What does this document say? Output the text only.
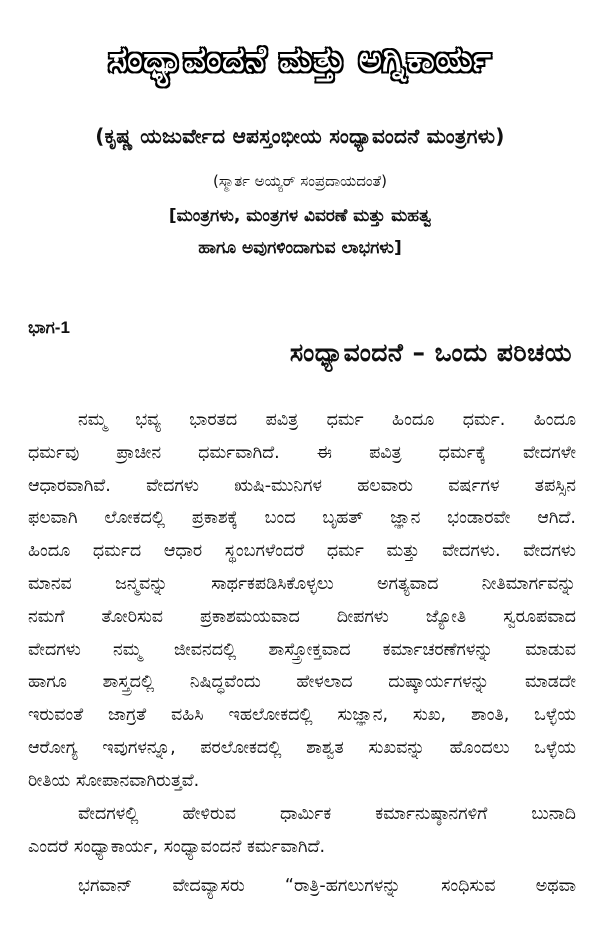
ಸಂಧ್ಯಾವಂದನೆ ಮತ್ತು ಅಗ್ನಿಕಾರ್ಯ
(ಕೃಷ್ಣ ಯಜುರ್ವೇದ ಆಪಸ್ತಂಭೀಯ ಸಂಧ್ಯಾವಂದನೆ ಮಂತ್ರಗಳು)
(ಸ್ಮಾರ್ತ ಅಯ್ಯರ್ ಸಂಪ್ರದಾಯದಂತೆ)
[ಮಂತ್ರಗಳು, ಮಂತ್ರಗಳ ವಿವರಣೆ ಮತ್ತು ಮಹತ್ವ
ಹಾಗೂ ಅವುಗಳಿಂದಾಗುವ ಲಾಭಗಳು]
ಭಾಗ-1
ಸಂಧ್ಯಾವಂದನೆ – ಒಂದು ಪರಿಚಯ
ನಮ್ಮ ಭವ್ಯ ಭಾರತದ ಪವಿತ್ರ ಧರ್ಮ ಹಿಂದೂ ಧರ್ಮ. ಹಿಂದೂ
ಧರ್ಮವು ಪ್ರಾಚೀನ ಧರ್ಮವಾಗಿದೆ. ಈ ಪವಿತ್ರ ಧರ್ಮಕ್ಕೆ ವೇದಗಳೇ
ಆಧಾರವಾಗಿವೆ. ವೇದಗಳು ಋಷಿ-ಮುನಿಗಳ ಹಲವಾರು ವರ್ಷಗಳ ತಪಸ್ಸಿನ
ಫಲವಾಗಿ ಲೋಕದಲ್ಲಿ ಪ್ರಕಾಶಕ್ಕೆ ಬಂದ ಬೃಹತ್ ಜ್ಞಾನ ಭಂಡಾರವೇ ಆಗಿದೆ.
ಹಿಂದೂ ಧರ್ಮದ ಆಧಾರ ಸ್ಥಂಬಗಳೆಂದರೆ ಧರ್ಮ ಮತ್ತು ವೇದಗಳು. ವೇದಗಳು
ಮಾನವ ಜನ್ಮವನ್ನು ಸಾರ್ಥಕಪಡಿಸಿಕೊಳ್ಳಲು ಅಗತ್ಯವಾದ ನೀತಿಮಾರ್ಗವನ್ನು
ನಮಗೆ ತೋರಿಸುವ ಪ್ರಕಾಶಮಯವಾದ ದೀಪಗಳು ಜ್ಯೋತಿ ಸ್ವರೂಪವಾದ
ವೇದಗಳು ನಮ್ಮ ಜೀವನದಲ್ಲಿ ಶಾಸ್ತ್ರೋಕ್ತವಾದ ಕರ್ಮಾಚರಣೆಗಳನ್ನು ಮಾಡುವ
ಹಾಗೂ ಶಾಸ್ತ್ರದಲ್ಲಿ ನಿಷಿದ್ಧವೆಂದು ಹೇಳಲಾದ ದುಷ್ಕಾರ್ಯಗಳನ್ನು ಮಾಡದೇ
ಇರುವಂತೆ ಜಾಗ್ರತೆ ವಹಿಸಿ ಇಹಲೋಕದಲ್ಲಿ ಸುಜ್ಞಾನ, ಸುಖ, ಶಾಂತಿ, ಒಳ್ಳೆಯ
ಆರೋಗ್ಯ ಇವುಗಳನ್ನೂ, ಪರಲೋಕದಲ್ಲಿ ಶಾಶ್ವತ ಸುಖವನ್ನು ಹೊಂದಲು ಒಳ್ಳೆಯ
ರೀತಿಯ ಸೋಪಾನವಾಗಿರುತ್ತವೆ.
ವೇದಗಳಲ್ಲಿ ಹೇಳಿರುವ ಧಾರ್ಮಿಕ ಕರ್ಮಾನುಷ್ಠಾನಗಳಿಗೆ ಬುನಾದಿ
ಎಂದರೆ ಸಂಧ್ಯಾಕಾರ್ಯ, ಸಂಧ್ಯಾವಂದನೆ ಕರ್ಮವಾಗಿದೆ.
ಭಗವಾನ್ ವೇದವ್ಯಾಸರು “ರಾತ್ರಿ-ಹಗಲುಗಳನ್ನು ಸಂಧಿಸುವ ಅಥವಾ
